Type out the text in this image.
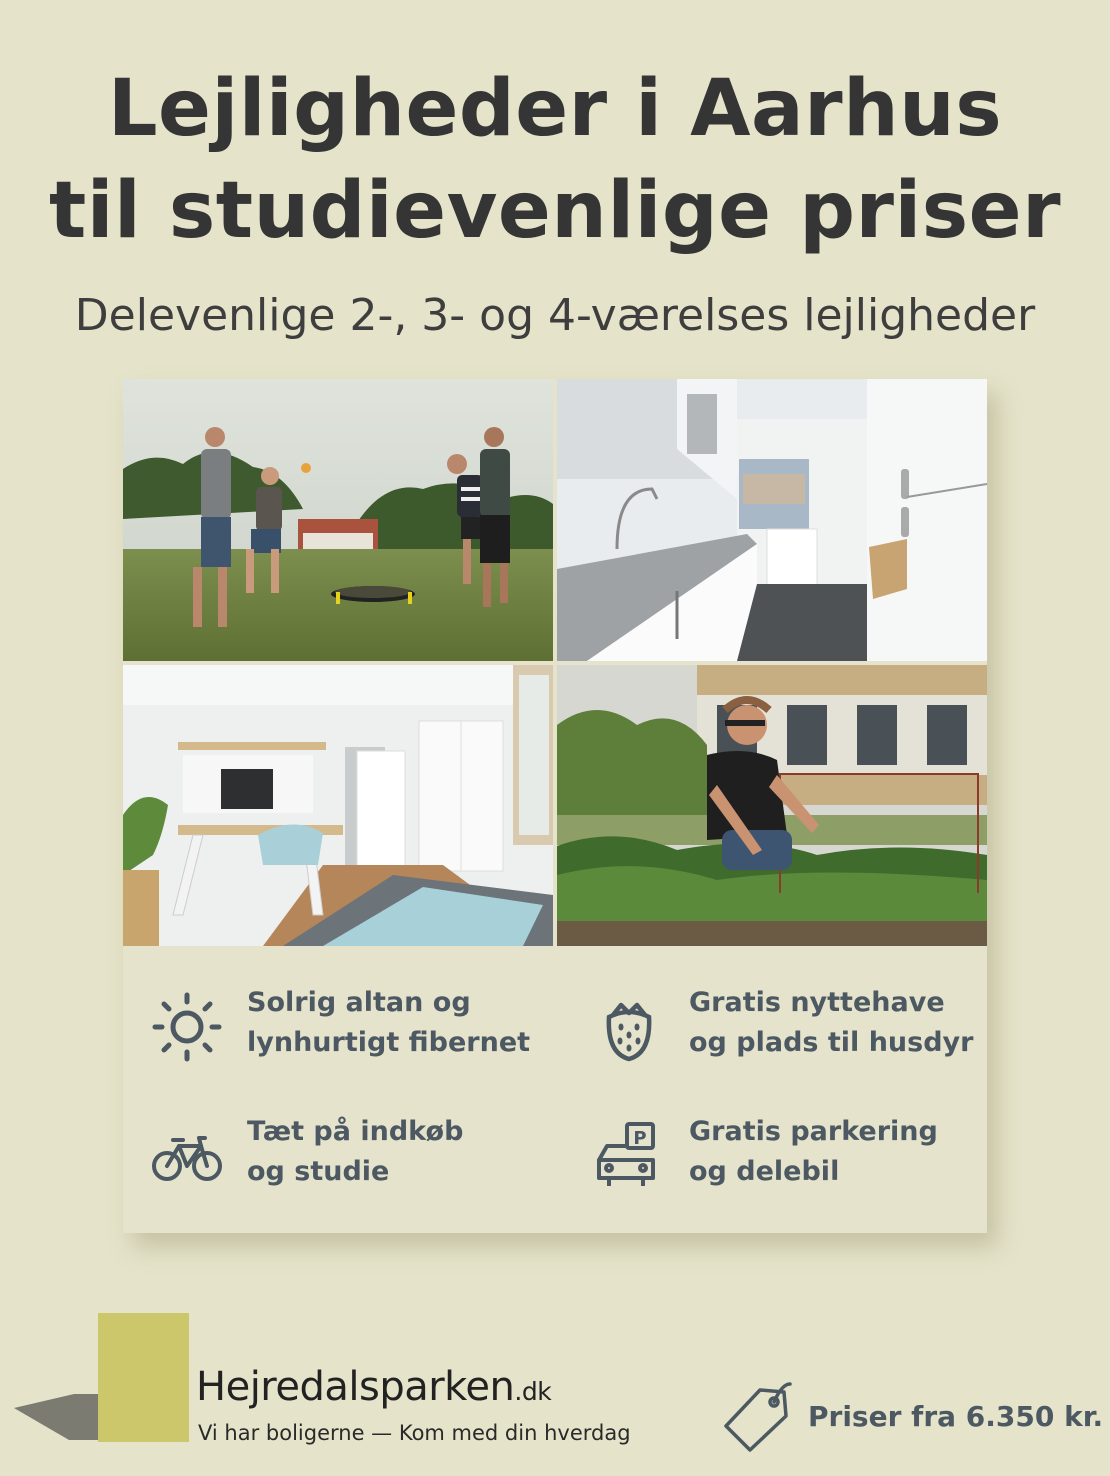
Lejligheder i Aarhus
til studievenlige priser
Delevenlige 2-, 3- og 4-værelses lejligheder
Solrig altan og
lynhurtigt fibernet
Gratis nyttehave
og plads til husdyr
Tæt på indkøb
og studie
P Gratis parkering
og delebil
Hejredalsparken.dk
Vi har boligerne — Kom med din hverdag	Priser fra 6.350 kr.
